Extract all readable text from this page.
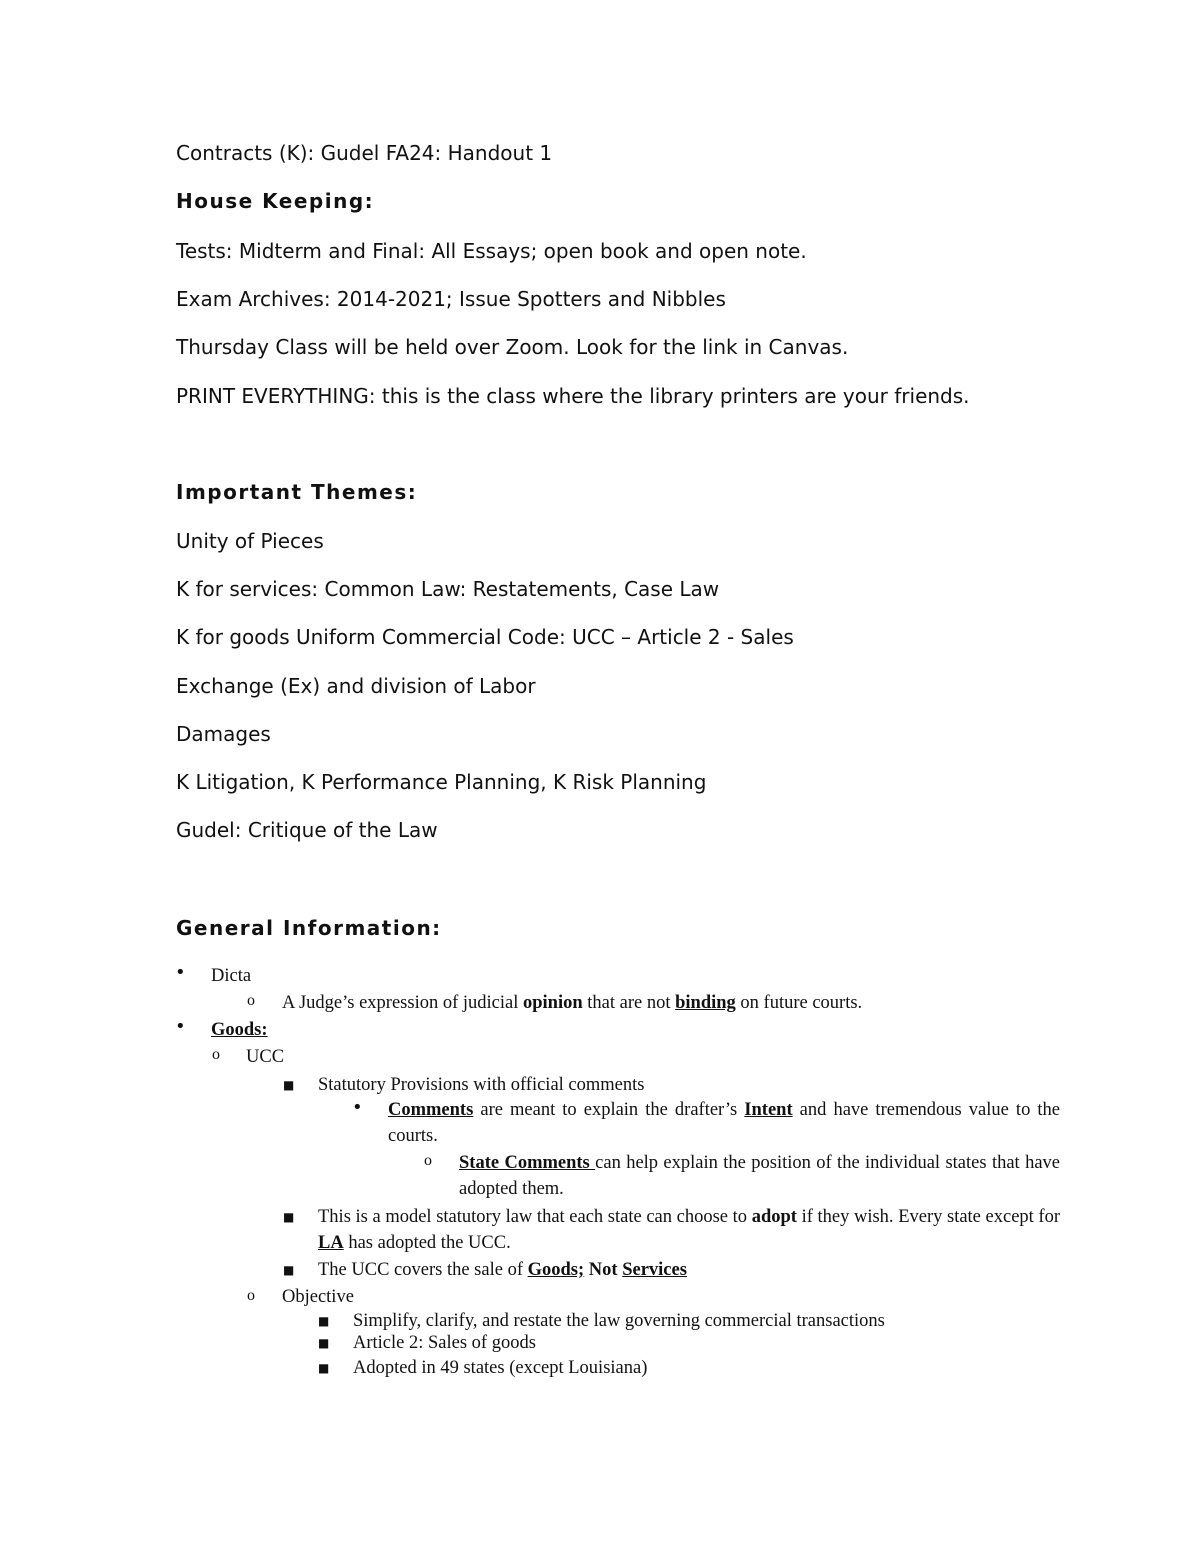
Contracts (K): Gudel FA24: Handout 1

House Keeping:

Tests: Midterm and Final: All Essays; open book and open note.

Exam Archives: 2014-2021; Issue Spotters and Nibbles

Thursday Class will be held over Zoom. Look for the link in Canvas.

PRINT EVERYTHING: this is the class where the library printers are your friends.

Important Themes:

Unity of Pieces

K for services: Common Law: Restatements, Case Law

K for goods Uniform Commercial Code: UCC – Article 2 - Sales

Exchange (Ex) and division of Labor

Damages

K Litigation, K Performance Planning, K Risk Planning

Gudel: Critique of the Law

General Information:

• Dicta

o A Judge’s expression of judicial opinion that are not binding on future courts.

• Goods:

o UCC

■ Statutory Provisions with official comments

• Comments are meant to explain the drafter’s Intent and have tremendous value to the courts.

o State Comments can help explain the position of the individual states that have adopted them.

■ This is a model statutory law that each state can choose to adopt if they wish. Every state except for LA has adopted the UCC.

■ The UCC covers the sale of Goods; Not Services

o Objective

■ Simplify, clarify, and restate the law governing commercial transactions

■ Article 2: Sales of goods

■ Adopted in 49 states (except Louisiana)
